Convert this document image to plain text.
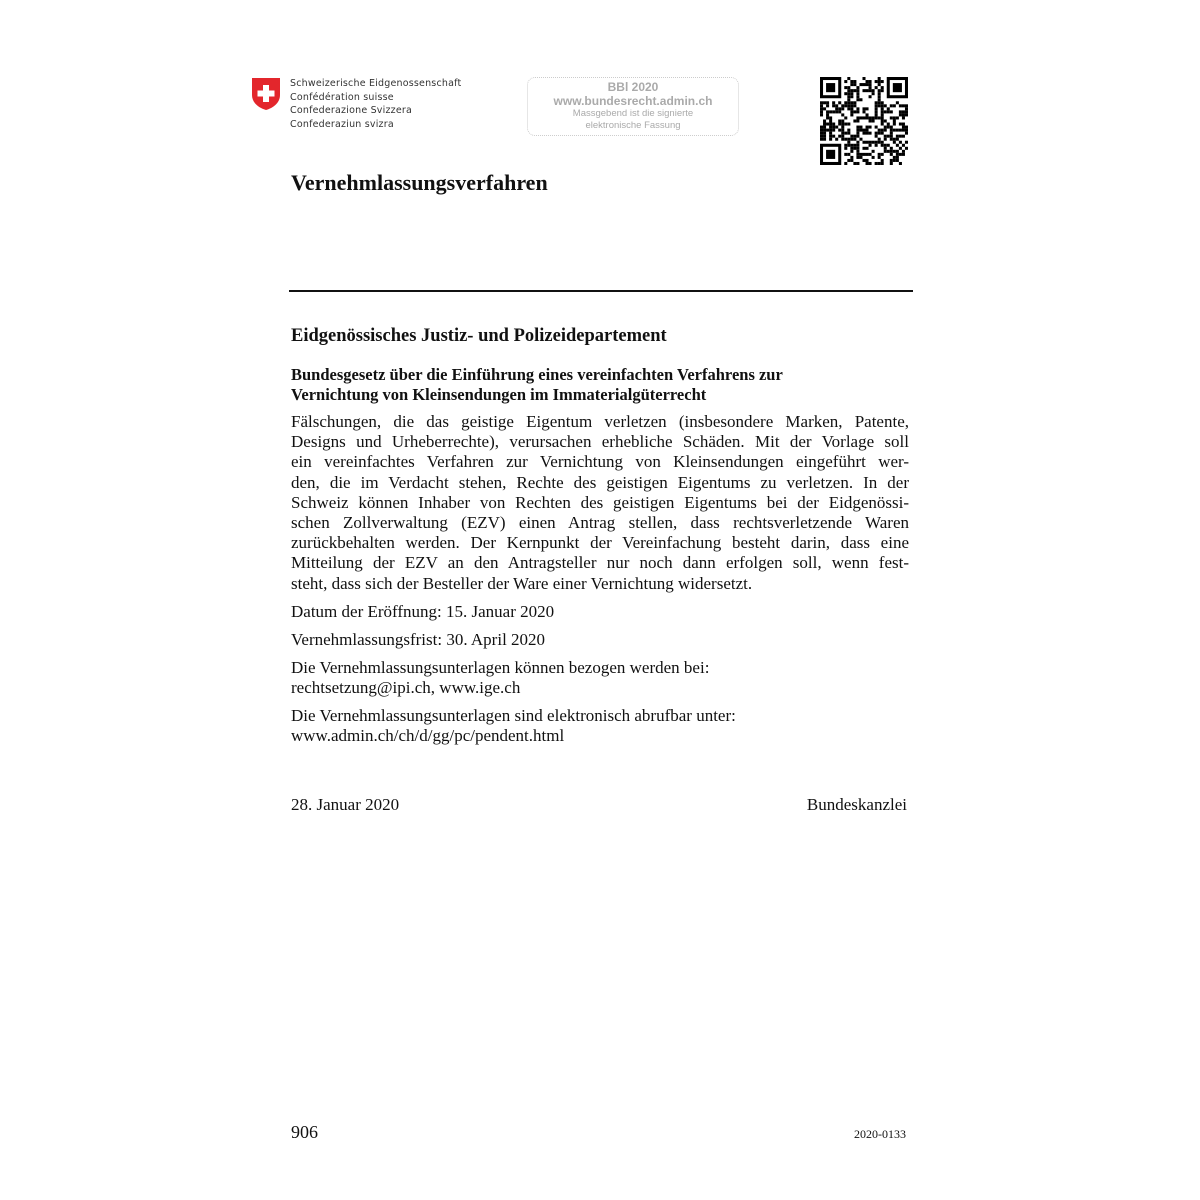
Schweizerische Eidgenossenschaft
Confédération suisse
Confederazione Svizzera
Confederaziun svizra
BBl 2020
www.bundesrecht.admin.ch
Massgebend ist die signierte
elektronische Fassung
Vernehmlassungsverfahren
Eidgenössisches Justiz- und Polizeidepartement
Bundesgesetz über die Einführung eines vereinfachten Verfahrens zur
Vernichtung von Kleinsendungen im Immaterialgüterrecht
Fälschungen, die das geistige Eigentum verletzen (insbesondere Marken, Patente,
Designs und Urheberrechte), verursachen erhebliche Schäden. Mit der Vorlage soll
ein vereinfachtes Verfahren zur Vernichtung von Kleinsendungen eingeführt wer-
den, die im Verdacht stehen, Rechte des geistigen Eigentums zu verletzen. In der
Schweiz können Inhaber von Rechten des geistigen Eigentums bei der Eidgenössi-
schen Zollverwaltung (EZV) einen Antrag stellen, dass rechtsverletzende Waren
zurückbehalten werden. Der Kernpunkt der Vereinfachung besteht darin, dass eine
Mitteilung der EZV an den Antragsteller nur noch dann erfolgen soll, wenn fest-
steht, dass sich der Besteller der Ware einer Vernichtung widersetzt.
Datum der Eröffnung: 15. Januar 2020
Vernehmlassungsfrist: 30. April 2020
Die Vernehmlassungsunterlagen können bezogen werden bei:
rechtsetzung@ipi.ch, www.ige.ch
Die Vernehmlassungsunterlagen sind elektronisch abrufbar unter:
www.admin.ch/ch/d/gg/pc/pendent.html
28. Januar 2020	Bundeskanzlei
906	2020-0133
